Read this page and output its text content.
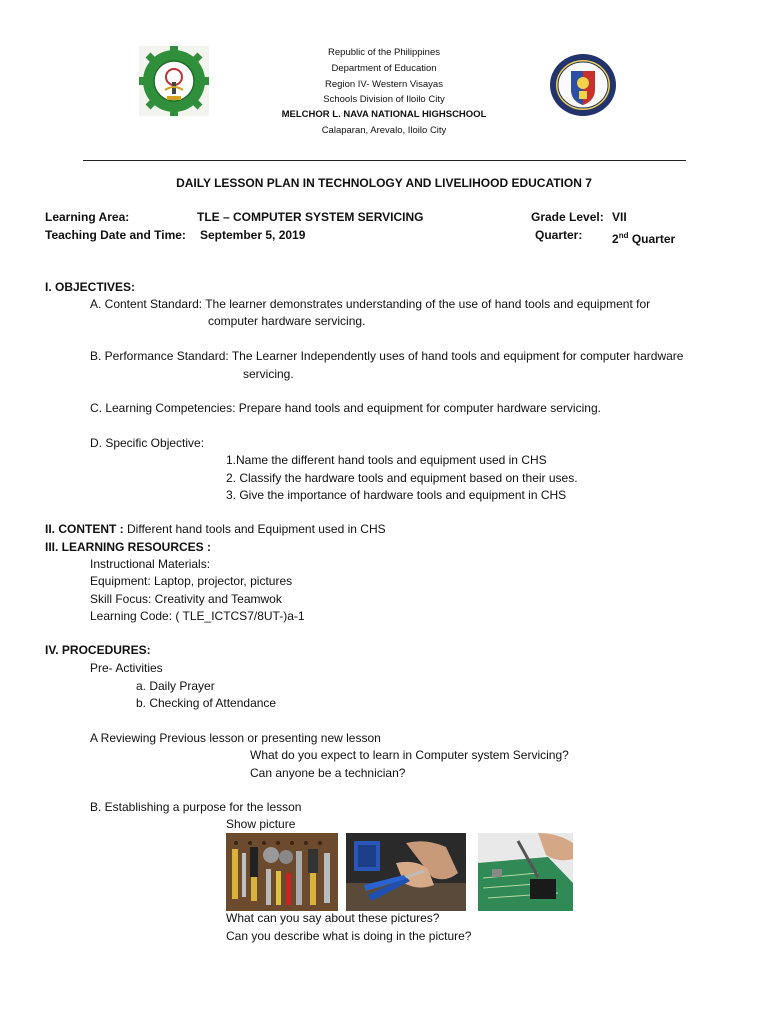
Republic of the Philippines
Department of Education
Region IV- Western Visayas
Schools Division of Iloilo City
MELCHOR L. NAVA NATIONAL HIGHSCHOOL
Calaparan, Arevalo, Iloilo City
DAILY LESSON PLAN IN TECHNOLOGY AND LIVELIHOOD EDUCATION 7
Learning Area:	TLE – COMPUTER SYSTEM SERVICING	Grade Level: VII
Teaching Date and Time: September 5, 2019	Quarter: 2nd Quarter
I. OBJECTIVES:
A. Content Standard: The learner demonstrates understanding of the use of hand tools and equipment for
computer hardware servicing.
B. Performance Standard: The Learner Independently uses of hand tools and equipment for computer hardware
servicing.
C. Learning Competencies: Prepare hand tools and equipment for computer hardware servicing.
D. Specific Objective:
1.Name the different hand tools and equipment used in CHS
2. Classify the hardware tools and equipment based on their uses.
3. Give the importance of hardware tools and equipment in CHS
II. CONTENT : Different hand tools and Equipment used in CHS
III. LEARNING RESOURCES :
Instructional Materials:
Equipment: Laptop, projector, pictures
Skill Focus: Creativity and Teamwok
Learning Code: ( TLE_ICTCS7/8UT-)a-1
IV. PROCEDURES:
Pre- Activities
a. Daily Prayer
b. Checking of Attendance
A Reviewing Previous lesson or presenting new lesson
What do you expect to learn in Computer system Servicing?
Can anyone be a technician?
B. Establishing a purpose for the lesson
Show picture
What can you say about these pictures?
Can you describe what is doing in the picture?
